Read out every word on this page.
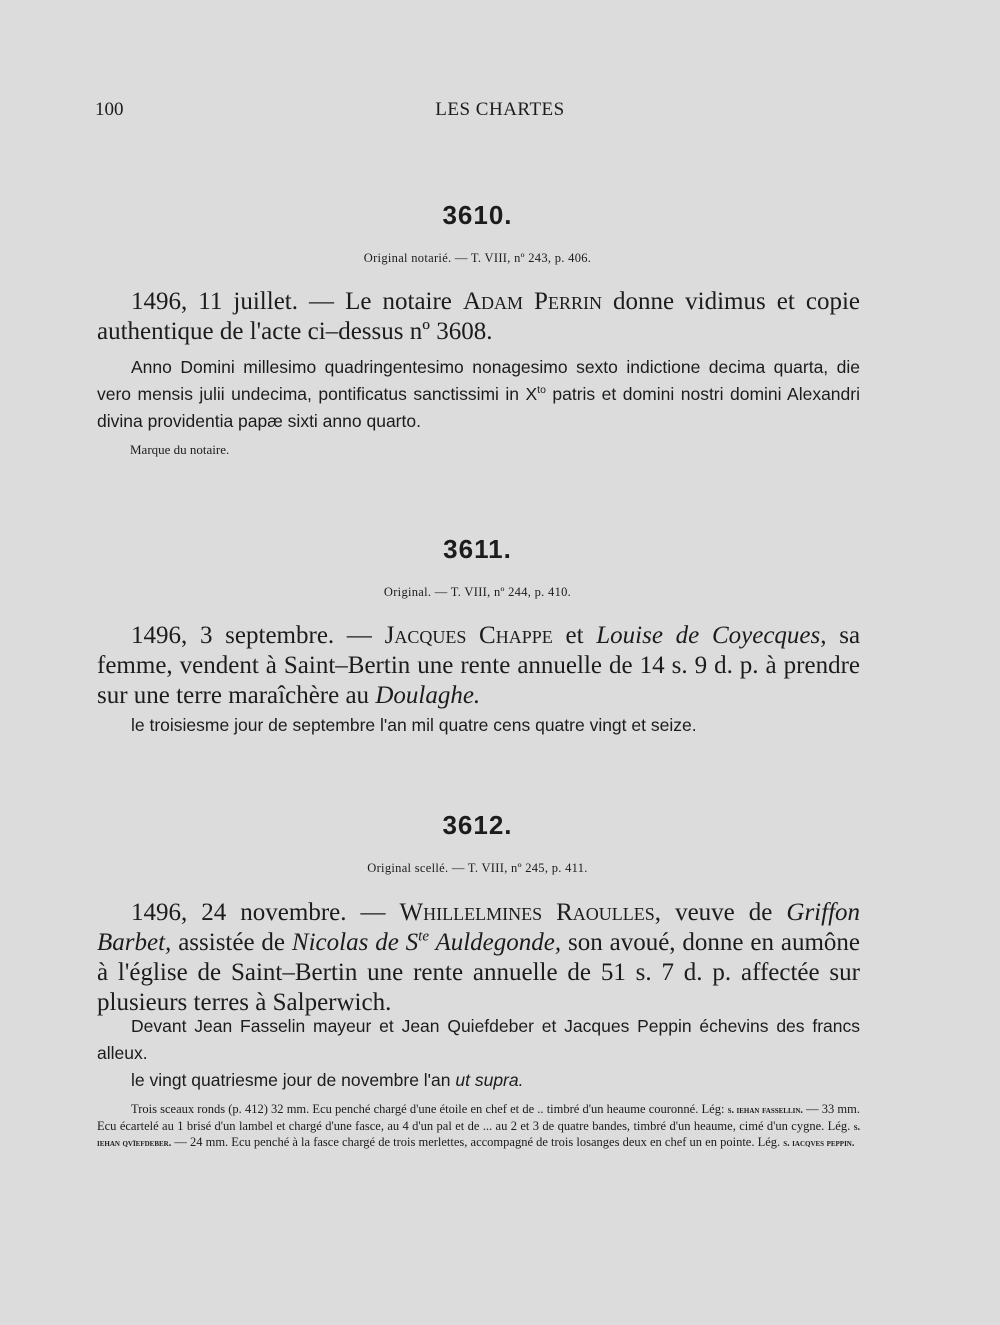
100	LES CHARTES
3610.
Original notarié. — T. VIII, nº 243, p. 406.
1496, 11 juillet. — Le notaire Adam Perrin donne vidimus et copie authentique de l'acte ci–dessus nº 3608.
Anno Domini millesimo quadringentesimo nonagesimo sexto indictione decima quarta, die vero mensis julii undecima, pontificatus sanctissimi in $X^{to}$ patris et domini nostri domini Alexandri divina providentia papæ sixti anno quarto.
Marque du notaire.
3611.
Original. — T. VIII, nº 244, p. 410.
1496, 3 septembre. — Jacques Chappe et Louise de Coyecques, sa femme, vendent à Saint–Bertin une rente annuelle de 14 s. 9 d. p. à prendre sur une terre maraîchère au Doulaghe.
le troisiesme jour de septembre l'an mil quatre cens quatre vingt et seize.
3612.
Original scellé. — T. VIII, nº 245, p. 411.
1496, 24 novembre. — Whillelmines Raoulles, veuve de Griffon Barbet, assistée de Nicolas de $S^{te}$ Auldegonde, son avoué, donne en aumône à l'église de Saint–Bertin une rente annuelle de 51 s. 7 d. p. affectée sur plusieurs terres à Salperwich.
Devant Jean Fasselin mayeur et Jean Quiefdeber et Jacques Peppin échevins des francs alleux.
le vingt quatriesme jour de novembre l'an ut supra.
Trois sceaux ronds (p. 412) 32 mm. Ecu penché chargé d'une étoile en chef et de .. timbré d'un heaume couronné. Lég: s. iehan fassellin. — 33 mm. Ecu écartelé au 1 brisé d'un lambel et chargé d'une fasce, au 4 d'un pal et de ... au 2 et 3 de quatre bandes, timbré d'un heaume, cimé d'un cygne. Lég. s. iehan qvïefdeber. — 24 mm. Ecu penché à la fasce chargé de trois merlettes, accompagné de trois losanges deux en chef un en pointe. Lég. s. iacqves peppin.
